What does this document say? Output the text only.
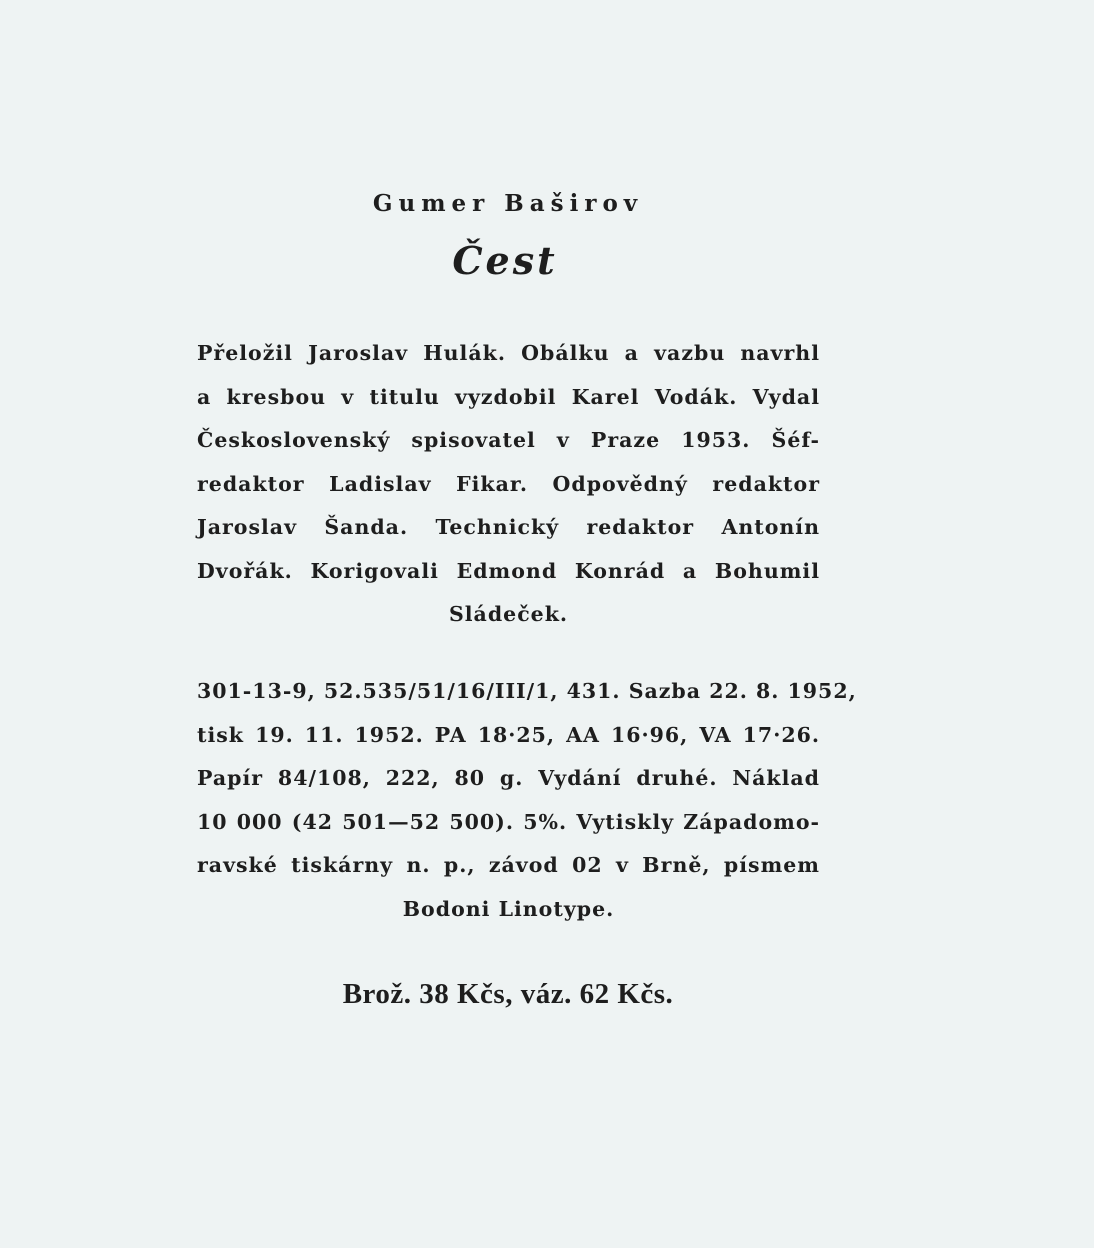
Gumer Baširov
Čest
Přeložil Jaroslav Hulák. Obálku a vazbu navrhl
a kresbou v titulu vyzdobil Karel Vodák. Vydal
Československý spisovatel v Praze 1953. Šéf-
redaktor Ladislav Fikar. Odpovědný redaktor
Jaroslav Šanda. Technický redaktor Antonín
Dvořák. Korigovali Edmond Konrád a Bohumil
Sládeček.
301-13-9, 52.535/51/16/III/1, 431. Sazba 22. 8. 1952,
tisk 19. 11. 1952. PA 18·25, AA 16·96, VA 17·26.
Papír 84/108, 222, 80 g. Vydání druhé. Náklad
10 000 (42 501—52 500). 5%. Vytiskly Západomo-
ravské tiskárny n. p., závod 02 v Brně, písmem
Bodoni Linotype.
Brož. 38 Kčs, váz. 62 Kčs.
